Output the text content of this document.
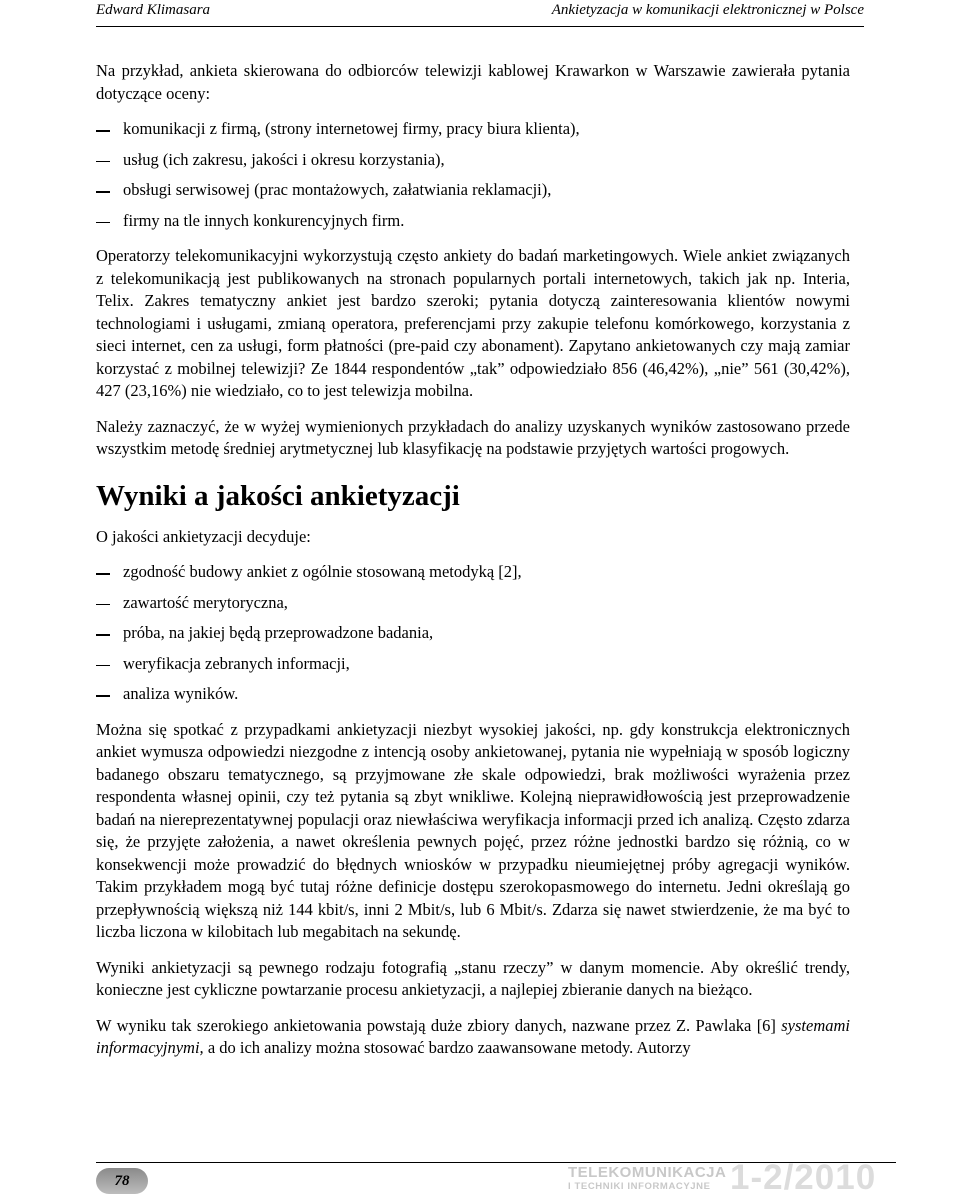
Edward Klimasara	Ankietyzacja w komunikacji elektronicznej w Polsce

Na przykład, ankieta skierowana do odbiorców telewizji kablowej Krawarkon w Warszawie zawierała pytania dotyczące oceny:

komunikacji z firmą, (strony internetowej firmy, pracy biura klienta),
usług (ich zakresu, jakości i okresu korzystania),
obsługi serwisowej (prac montażowych, załatwiania reklamacji),
firmy na tle innych konkurencyjnych firm.

Operatorzy telekomunikacyjni wykorzystują często ankiety do badań marketingowych. Wiele ankiet związanych z telekomunikacją jest publikowanych na stronach popularnych portali internetowych, takich jak np. Interia, Telix. Zakres tematyczny ankiet jest bardzo szeroki; pytania dotyczą zainteresowania klientów nowymi technologiami i usługami, zmianą operatora, preferencjami przy zakupie telefonu komórkowego, korzystania z sieci internet, cen za usługi, form płatności (pre-paid czy abonament). Zapytano ankietowanych czy mają zamiar korzystać z mobilnej telewizji? Ze 1844 respondentów „tak” odpowiedziało 856 (46,42%), „nie” 561 (30,42%), 427 (23,16%) nie wiedziało, co to jest telewizja mobilna.

Należy zaznaczyć, że w wyżej wymienionych przykładach do analizy uzyskanych wyników zastosowano przede wszystkim metodę średniej arytmetycznej lub klasyfikację na podstawie przyjętych wartości progowych.

Wyniki a jakości ankietyzacji

O jakości ankietyzacji decyduje:

zgodność budowy ankiet z ogólnie stosowaną metodyką [2],
zawartość merytoryczna,
próba, na jakiej będą przeprowadzone badania,
weryfikacja zebranych informacji,
analiza wyników.

Można się spotkać z przypadkami ankietyzacji niezbyt wysokiej jakości, np. gdy konstrukcja elektronicznych ankiet wymusza odpowiedzi niezgodne z intencją osoby ankietowanej, pytania nie wypełniają w sposób logiczny badanego obszaru tematycznego, są przyjmowane złe skale odpowiedzi, brak możliwości wyrażenia przez respondenta własnej opinii, czy też pytania są zbyt wnikliwe. Kolejną nieprawidłowością jest przeprowadzenie badań na niereprezentatywnej populacji oraz niewłaściwa weryfikacja informacji przed ich analizą. Często zdarza się, że przyjęte założenia, a nawet określenia pewnych pojęć, przez różne jednostki bardzo się różnią, co w konsekwencji może prowadzić do błędnych wniosków w przypadku nieumiejętnej próby agregacji wyników. Takim przykładem mogą być tutaj różne definicje dostępu szerokopasmowego do internetu. Jedni określają go przepływnością większą niż 144 kbit/s, inni 2 Mbit/s, lub 6 Mbit/s. Zdarza się nawet stwierdzenie, że ma być to liczba liczona w kilobitach lub megabitach na sekundę.

Wyniki ankietyzacji są pewnego rodzaju fotografią „stanu rzeczy” w danym momencie. Aby określić trendy, konieczne jest cykliczne powtarzanie procesu ankietyzacji, a najlepiej zbieranie danych na bieżąco.

W wyniku tak szerokiego ankietowania powstają duże zbiory danych, nazwane przez Z. Pawlaka [6] systemami informacyjnymi, a do ich analizy można stosować bardzo zaawansowane metody. Autorzy

78	TELEKOMUNIKACJA
I TECHNIKI INFORMACYJNE 1-2/2010
